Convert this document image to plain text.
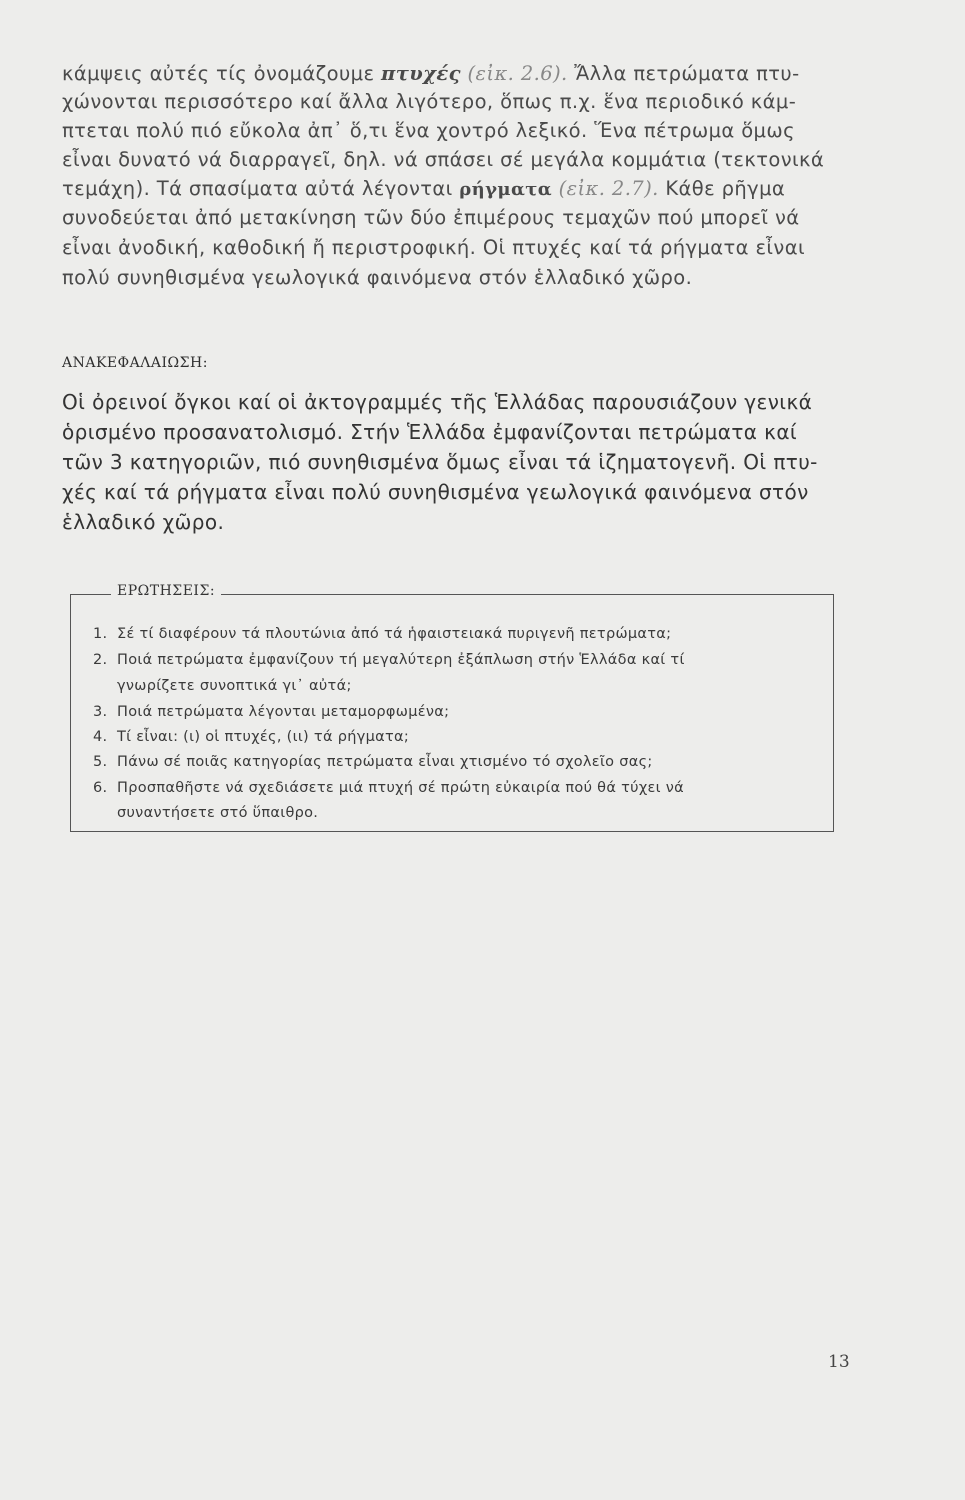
κάμψεις αὐτές τίς ὀνομάζουμε πτυχές (εἰκ. 2.6). Ἄλλα πετρώματα πτυ-
χώνονται περισσότερο καί ἄλλα λιγότερο, ὅπως π.χ. ἕνα περιοδικό κάμ-
πτεται πολύ πιό εὔκολα ἀπ᾽ ὅ,τι ἕνα χοντρό λεξικό. Ἕνα πέτρωμα ὅμως
εἶναι δυνατό νά διαρραγεῖ, δηλ. νά σπάσει σέ μεγάλα κομμάτια (τεκτονικά
τεμάχη). Τά σπασίματα αὐτά λέγονται ρήγματα (εἰκ. 2.7). Κάθε ρῆγμα
συνοδεύεται ἀπό μετακίνηση τῶν δύο ἐπιμέρους τεμαχῶν πού μπορεῖ νά
εἶναι ἀνοδική, καθοδική ἤ περιστροφική. Οἱ πτυχές καί τά ρήγματα εἶναι
πολύ συνηθισμένα γεωλογικά φαινόμενα στόν ἑλλαδικό χῶρο.
ΑΝΑΚΕΦΑΛΑΙΩΣΗ:
Οἱ ὀρεινοί ὄγκοι καί οἱ ἀκτογραμμές τῆς Ἑλλάδας παρουσιάζουν γενικά
ὁρισμένο προσανατολισμό. Στήν Ἑλλάδα ἐμφανίζονται πετρώματα καί
τῶν 3 κατηγοριῶν, πιό συνηθισμένα ὅμως εἶναι τά ἱζηματογενῆ. Οἱ πτυ-
χές καί τά ρήγματα εἶναι πολύ συνηθισμένα γεωλογικά φαινόμενα στόν
ἑλλαδικό χῶρο.
ΕΡΩΤΗΣΕΙΣ:
1. Σέ τί διαφέρουν τά πλουτώνια ἀπό τά ἡφαιστειακά πυριγενῆ πετρώματα;
2. Ποιά πετρώματα ἐμφανίζουν τή μεγαλύτερη ἐξάπλωση στήν Ἑλλάδα καί τί
γνωρίζετε συνοπτικά γι᾽ αὐτά;
3. Ποιά πετρώματα λέγονται μεταμορφωμένα;
4. Τί εἶναι: (ι) οἱ πτυχές, (ιι) τά ρήγματα;
5. Πάνω σέ ποιᾶς κατηγορίας πετρώματα εἶναι χτισμένο τό σχολεῖο σας;
6. Προσπαθῆστε νά σχεδιάσετε μιά πτυχή σέ πρώτη εὐκαιρία πού θά τύχει νά
συναντήσετε στό ὕπαιθρο.
13
